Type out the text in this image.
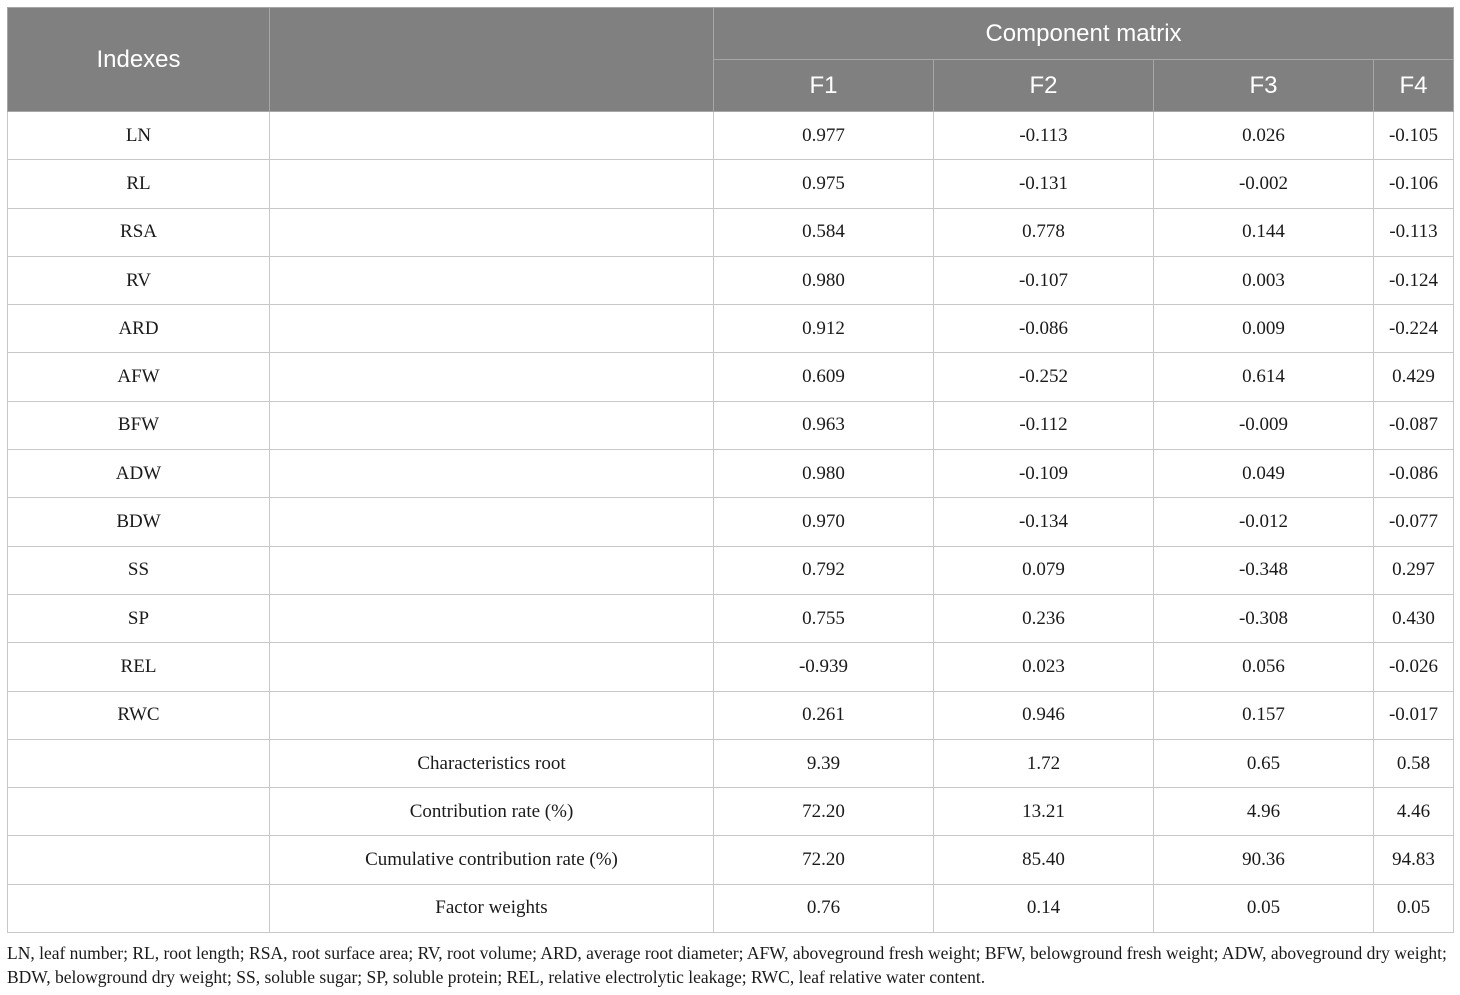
Indexes		Component matrix			
		F1	F2	F3	F4
LN		0.977	-0.113	0.026	-0.105
RL		0.975	-0.131	-0.002	-0.106
RSA		0.584	0.778	0.144	-0.113
RV		0.980	-0.107	0.003	-0.124
ARD		0.912	-0.086	0.009	-0.224
AFW		0.609	-0.252	0.614	0.429
BFW		0.963	-0.112	-0.009	-0.087
ADW		0.980	-0.109	0.049	-0.086
BDW		0.970	-0.134	-0.012	-0.077
SS		0.792	0.079	-0.348	0.297
SP		0.755	0.236	-0.308	0.430
REL		-0.939	0.023	0.056	-0.026
RWC		0.261	0.946	0.157	-0.017
	Characteristics root	9.39	1.72	0.65	0.58
	Contribution rate (%)	72.20	13.21	4.96	4.46
	Cumulative contribution rate (%)	72.20	85.40	90.36	94.83
	Factor weights	0.76	0.14	0.05	0.05
LN, leaf number; RL, root length; RSA, root surface area; RV, root volume; ARD, average root diameter; AFW, aboveground fresh weight; BFW, belowground fresh weight; ADW, aboveground dry weight; BDW, belowground dry weight; SS, soluble sugar; SP, soluble protein; REL, relative electrolytic leakage; RWC, leaf relative water content.
